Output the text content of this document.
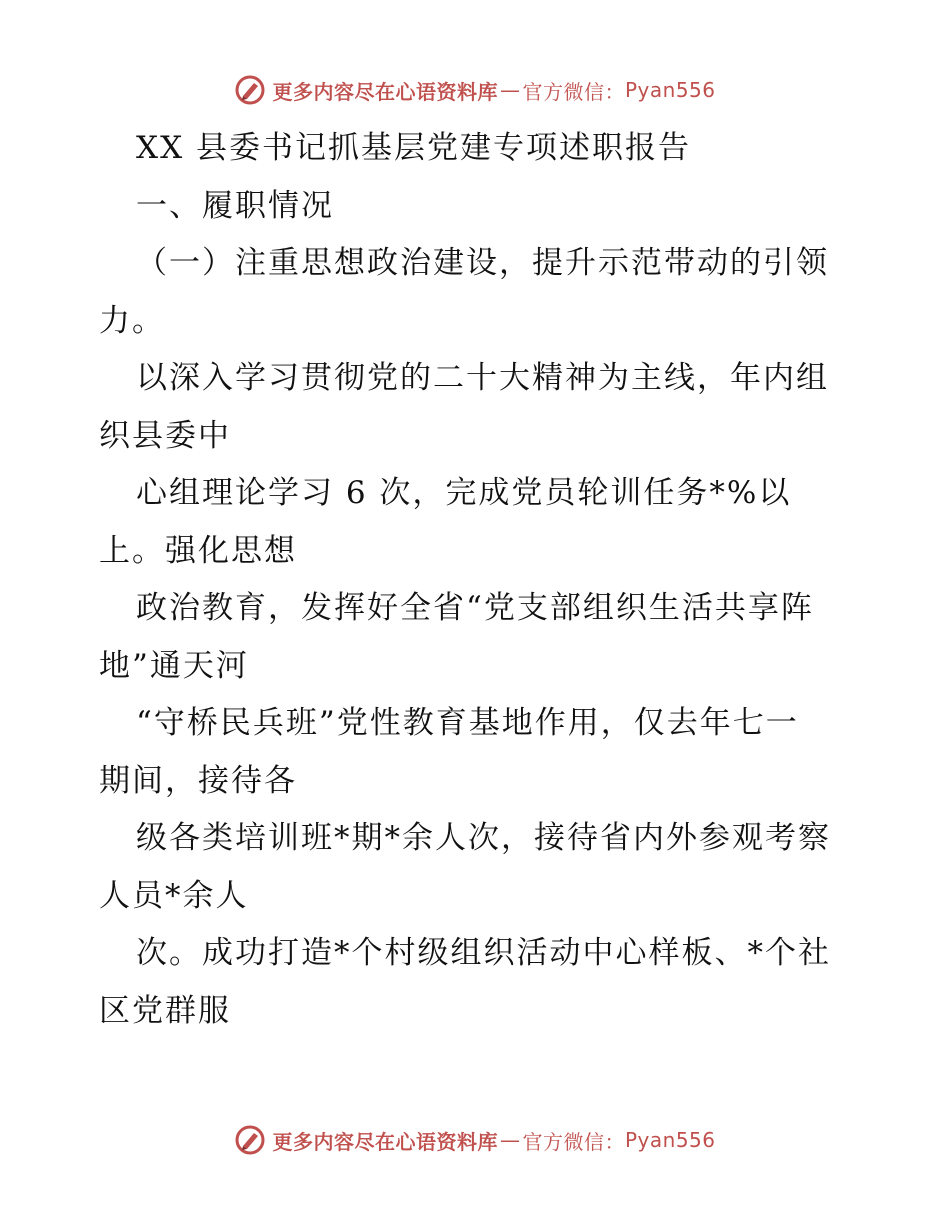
更多内容尽在心语资料库 — 官方微信： Pyan556

XX 县委书记抓基层党建专项述职报告

一、履职情况

（一）注重思想政治建设，提升示范带动的引领

力。

以深入学习贯彻党的二十大精神为主线，年内组

织县委中

心组理论学习 6 次，完成党员轮训任务*%以

上。强化思想

政治教育，发挥好全省“党支部组织生活共享阵

地”通天河

“守桥民兵班”党性教育基地作用，仅去年七一

期间，接待各

级各类培训班*期*余人次，接待省内外参观考察

人员*余人

次。成功打造*个村级组织活动中心样板、*个社

区党群服

更多内容尽在心语资料库 — 官方微信： Pyan556
